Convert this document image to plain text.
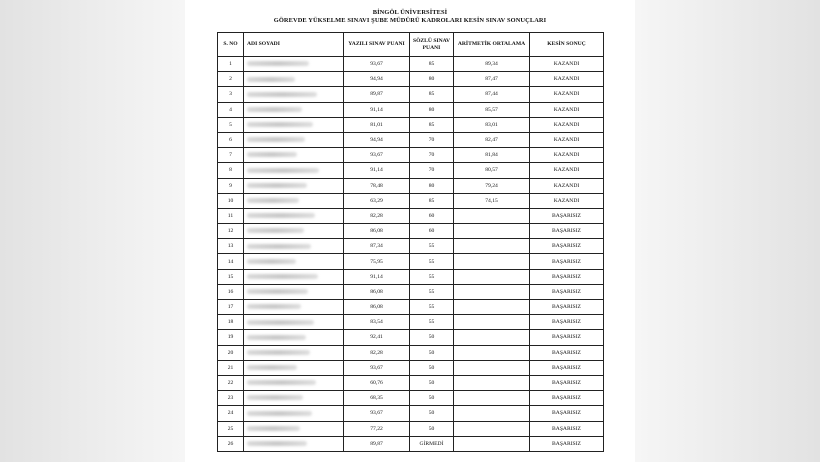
BİNGÖL ÜNİVERSİTESİ
GÖREVDE YÜKSELME SINAVI ŞUBE MÜDÜRÜ KADROLARI KESİN SINAV SONUÇLARI
S. NO	ADI SOYADI	YAZILI SINAV PUANI	SÖZLÜ SINAV PUANI	ARİTMETİK ORTALAMA	KESİN SONUÇ
1		93,67	85	89,34	KAZANDI
2		94,94	80	87,47	KAZANDI
3		89,87	85	87,44	KAZANDI
4		91,14	80	85,57	KAZANDI
5		81,01	85	83,01	KAZANDI
6		94,94	70	82,47	KAZANDI
7		93,67	70	81,84	KAZANDI
8		91,14	70	80,57	KAZANDI
9		78,48	80	79,24	KAZANDI
10		63,29	85	74,15	KAZANDI
11		82,28	60		BAŞARISIZ
12		86,08	60		BAŞARISIZ
13		87,34	55		BAŞARISIZ
14		75,95	55		BAŞARISIZ
15		91,14	55		BAŞARISIZ
16		86,08	55		BAŞARISIZ
17		86,08	55		BAŞARISIZ
18		83,54	55		BAŞARISIZ
19		92,41	50		BAŞARISIZ
20		82,28	50		BAŞARISIZ
21		93,67	50		BAŞARISIZ
22		60,76	50		BAŞARISIZ
23		68,35	50		BAŞARISIZ
24		93,67	50		BAŞARISIZ
25		77,22	50		BAŞARISIZ
26		89,87	GİRMEDİ		BAŞARISIZ
